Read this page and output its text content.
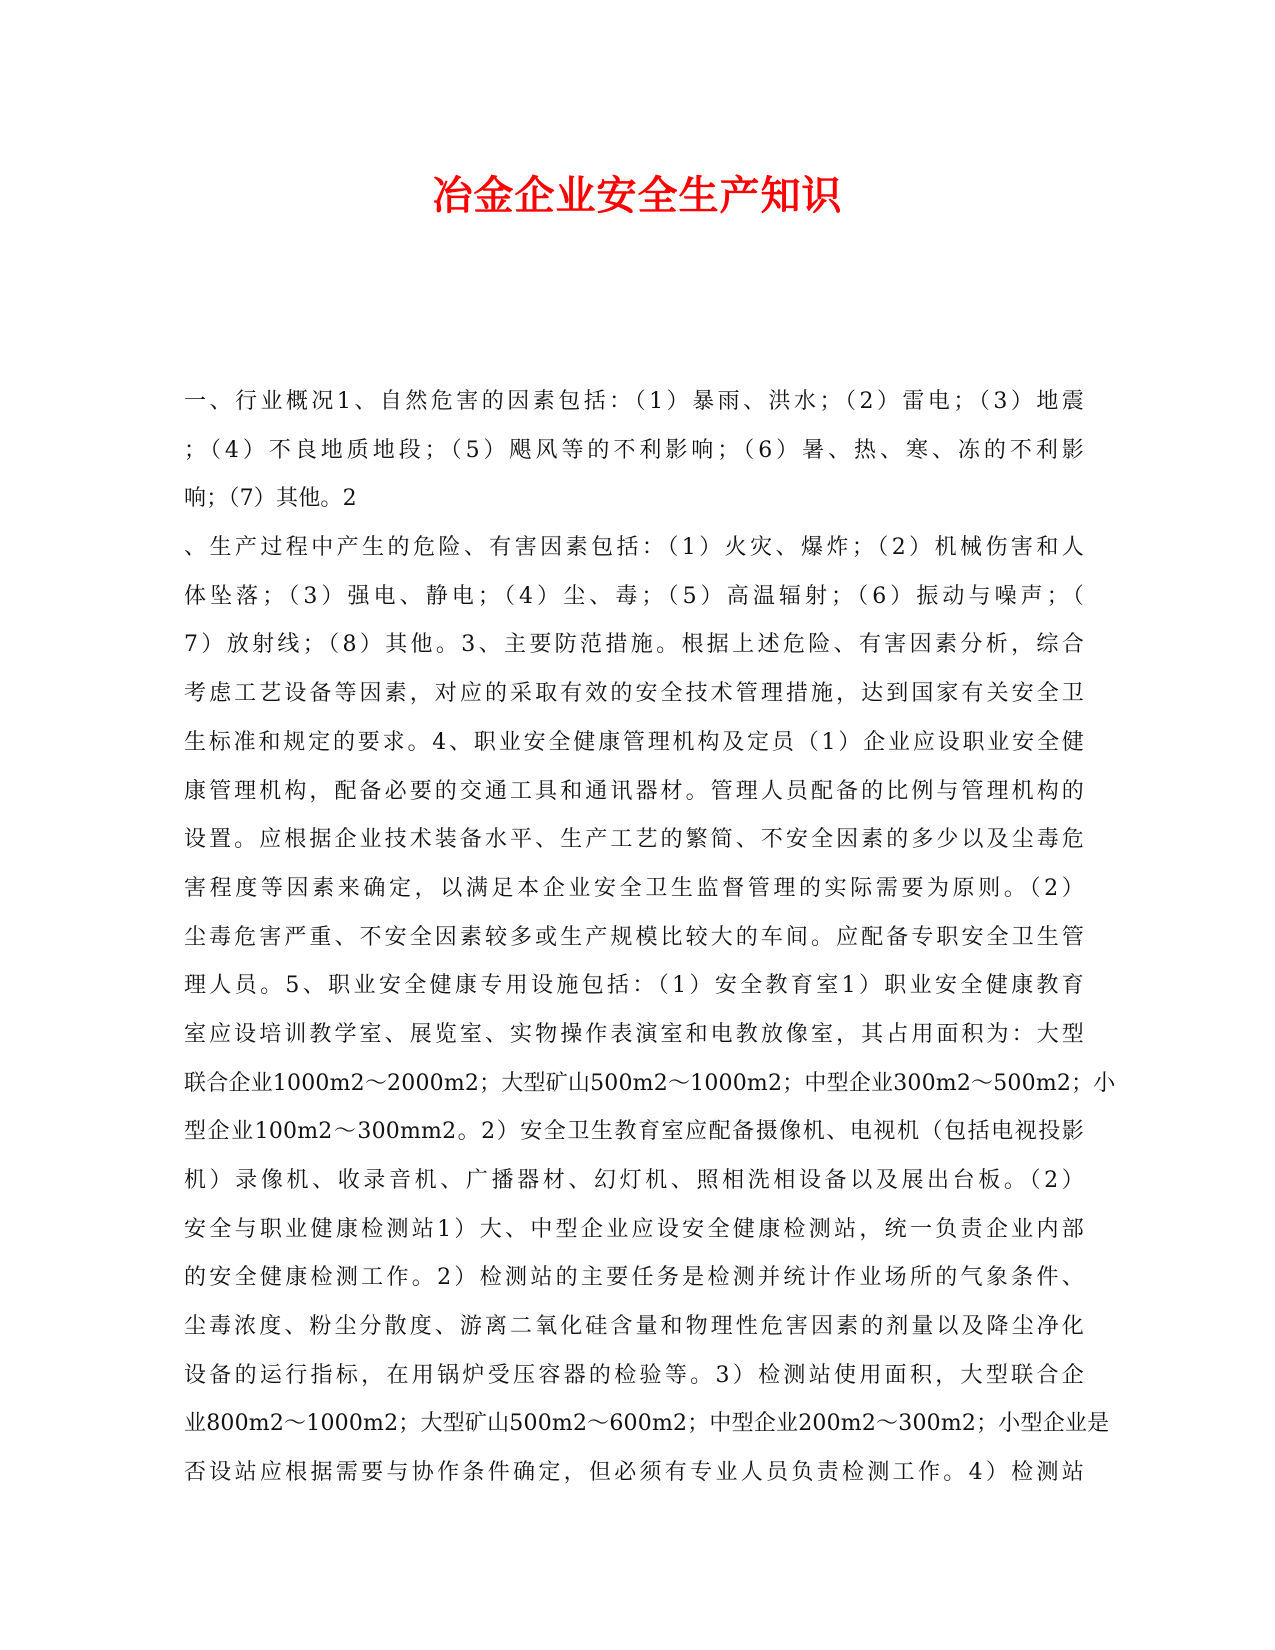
冶金企业安全生产知识
一、行业概况1、自然危害的因素包括：（1）暴雨、洪水；（2）雷电；（3）地震
；（4）不良地质地段；（5）飓风等的不利影响；（6）暑、热、寒、冻的不利影
响；（7）其他。2
、生产过程中产生的危险、有害因素包括：（1）火灾、爆炸；（2）机械伤害和人
体坠落；（3）强电、静电；（4）尘、毒；（5）高温辐射；（6）振动与噪声；（
7）放射线；（8）其他。3、主要防范措施。根据上述危险、有害因素分析，综合
考虑工艺设备等因素，对应的采取有效的安全技术管理措施，达到国家有关安全卫
生标准和规定的要求。4、职业安全健康管理机构及定员（1）企业应设职业安全健
康管理机构，配备必要的交通工具和通讯器材。管理人员配备的比例与管理机构的
设置。应根据企业技术装备水平、生产工艺的繁简、不安全因素的多少以及尘毒危
害程度等因素来确定，以满足本企业安全卫生监督管理的实际需要为原则。（2）
尘毒危害严重、不安全因素较多或生产规模比较大的车间。应配备专职安全卫生管
理人员。5、职业安全健康专用设施包括：（1）安全教育室1）职业安全健康教育
室应设培训教学室、展览室、实物操作表演室和电教放像室，其占用面积为：大型
联合企业1000m2～2000m2；大型矿山500m2～1000m2；中型企业300m2～500m2；小
型企业100m2～300mm2。2）安全卫生教育室应配备摄像机、电视机（包括电视投影
机）录像机、收录音机、广播器材、幻灯机、照相洗相设备以及展出台板。（2）
安全与职业健康检测站1）大、中型企业应设安全健康检测站，统一负责企业内部
的安全健康检测工作。2）检测站的主要任务是检测并统计作业场所的气象条件、
尘毒浓度、粉尘分散度、游离二氧化硅含量和物理性危害因素的剂量以及降尘净化
设备的运行指标，在用锅炉受压容器的检验等。3）检测站使用面积，大型联合企
业800m2～1000m2；大型矿山500m2～600m2；中型企业200m2～300m2；小型企业是
否设站应根据需要与协作条件确定，但必须有专业人员负责检测工作。4）检测站
